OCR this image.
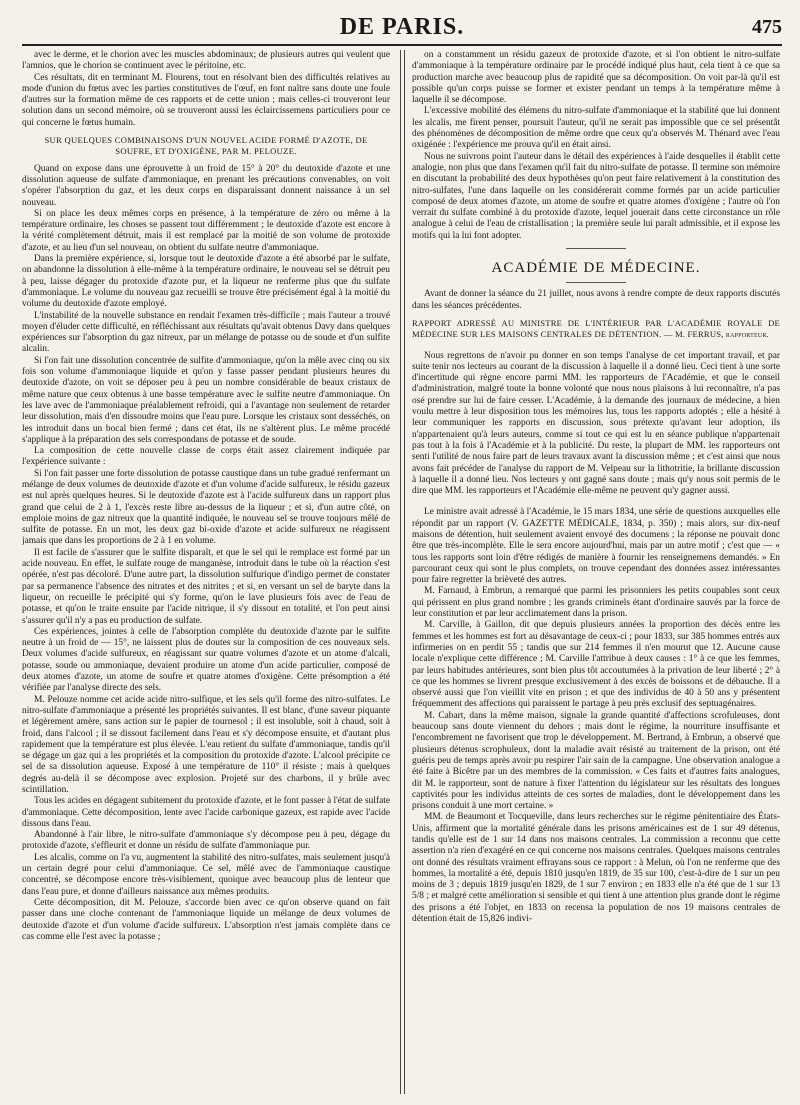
DE PARIS.	475

avec le derme, et le chorion avec les muscles abdominaux; de plusieurs autres qui veulent que l'amnios, que le chorion se continuent avec le péritoine, etc.

Ces résultats, dit en terminant M. Flourens, tout en résolvant bien des difficultés relatives au mode d'union du fœtus avec les parties constitutives de l'œuf, en font naître sans doute une foule d'autres sur la formation même de ces rapports et de cette union ; mais celles-ci trouveront leur solution dans un second mémoire, où se trouveront aussi les éclaircissemens particuliers pour ce qui concerne le fœtus humain.

SUR QUELQUES COMBINAISONS D'UN NOUVEL ACIDE FORMÉ D'AZOTE, DE SOUFRE, ET D'OXIGÈNE, PAR M. PELOUZE.

Quand on expose dans une éprouvette à un froid de 15° à 20° du deutoxide d'azote et une dissolution aqueuse de sulfate d'ammoniaque, en prenant les précautions convenables, on voit s'opérer l'absorption du gaz, et les deux corps en disparaissant donnent naissance à un sel nouveau.

Si on place les deux mêmes corps en présence, à la température de zéro ou même à la température ordinaire, les choses se passent tout différemment ; le deutoxide d'azote est encore à la vérité complètement détruit, mais il est remplacé par la moitié de son volume de protoxide d'azote, et au lieu d'un sel nouveau, on obtient du sulfate neutre d'ammoniaque.

Dans la première expérience, si, lorsque tout le deutoxide d'azote a été absorbé par le sulfate, on abandonne la dissolution à elle-même à la température ordinaire, le nouveau sel se détruit peu à peu, laisse dégager du protoxide d'azote pur, et la liqueur ne renferme plus que du sulfate d'ammoniaque. Le volume du nouveau gaz recueilli se trouve être précisément égal à la moitié du volume du deutoxide d'azote employé.

L'instabilité de la nouvelle substance en rendait l'examen très-difficile ; mais l'auteur a trouvé moyen d'éluder cette difficulté, en réfléchissant aux résultats qu'avait obtenus Davy dans quelques expériences sur l'absorption du gaz nitreux, par un mélange de potasse ou de soude et d'un sulfite alcalin.

Si l'on fait une dissolution concentrée de sulfite d'ammoniaque, qu'on la mêle avec cinq ou six fois son volume d'ammoniaque liquide et qu'on y fasse passer pendant plusieurs heures du deutoxide d'azote, on voit se déposer peu à peu un nombre considérable de beaux cristaux de même nature que ceux obtenus à une basse température avec le sulfite neutre d'ammoniaque. On les lave avec de l'ammoniaque préalablement refroidi, qui a l'avantage non seulement de retarder leur dissolution, mais d'en dissoudre moins que l'eau pure. Lorsque les cristaux sont desséchés, on les introduit dans un bocal bien fermé ; dans cet état, ils ne s'altèrent plus. Le même procédé s'applique à la préparation des sels correspondans de potasse et de soude.

La composition de cette nouvelle classe de corps était assez clairement indiquée par l'expérience suivante :

Si l'on fait passer une forte dissolution de potasse caustique dans un tube gradué renfermant un mélange de deux volumes de deutoxide d'azote et d'un volume d'acide sulfureux, le résidu gazeux est nul après quelques heures. Si le deutoxide d'azote est à l'acide sulfureux dans un rapport plus grand que celui de 2 à 1, l'excès reste libre au-dessus de la liqueur ; et si, d'un autre côté, on emploie moins de gaz nitreux que la quantité indiquée, le nouveau sel se trouve toujours mêlé de sulfite de potasse. En un mot, les deux gaz bi-oxide d'azote et acide sulfureux ne réagissent jamais que dans les proportions de 2 à 1 en volume.

Il est facile de s'assurer que le sulfite disparaît, et que le sel qui le remplace est formé par un acide nouveau. En effet, le sulfate rouge de manganèse, introduit dans le tube où la réaction s'est opérée, n'est pas décoloré. D'une autre part, la dissolution sulfurique d'indigo permet de constater par sa permanence l'absence des nitrates et des nitrites ; et si, en versant un sel de baryte dans la liqueur, on recueille le précipité qui s'y forme, qu'on le lave plusieurs fois avec de l'eau de potasse, et qu'on le traite ensuite par l'acide nitrique, il s'y dissout en totalité, et l'on peut ainsi s'assurer qu'il n'y a pas eu production de sulfate.

Ces expériences, jointes à celle de l'absorption complète du deutoxide d'azote par le sulfite neutre à un froid de — 15°, ne laissent plus de doutes sur la composition de ces nouveaux sels. Deux volumes d'acide sulfureux, en réagissant sur quatre volumes d'azote et un atome d'alcali, potasse, soude ou ammoniaque, devaient produire un atome d'un acide particulier, composé de deux atomes d'azote, un atome de soufre et quatre atomes d'oxigène. Cette présomption a été vérifiée par l'analyse directe des sels.

M. Pelouze nomme cet acide acide nitro-sulfique, et les sels qu'il forme des nitro-sulfates. Le nitro-sulfate d'ammoniaque a présenté les propriétés suivantes. Il est blanc, d'une saveur piquante et légèrement amère, sans action sur le papier de tournesol ; il est insoluble, soit à chaud, soit à froid, dans l'alcool ; il se dissout facilement dans l'eau et s'y décompose ensuite, et d'autant plus rapidement que la température est plus élevée. L'eau retient du sulfate d'ammoniaque, tandis qu'il se dégage un gaz qui a les propriétés et la composition du protoxide d'azote. L'alcool précipite ce sel de sa dissolution aqueuse. Exposé à une température de 110° il résiste ; mais à quelques degrés au-delà il se décompose avec explosion. Projeté sur des charbons, il y brûle avec scintillation.

Tous les acides en dégagent subitement du protoxide d'azote, et le font passer à l'état de sulfate d'ammoniaque. Cette décomposition, lente avec l'acide carbonique gazeux, est rapide avec l'acide dissous dans l'eau.

Abandonné à l'air libre, le nitro-sulfate d'ammoniaque s'y décompose peu à peu, dégage du protoxide d'azote, s'effleurit et donne un résidu de sulfate d'ammoniaque pur.

Les alcalis, comme on l'a vu, augmentent la stabilité des nitro-sulfates, mais seulement jusqu'à un certain degré pour celui d'ammoniaque. Ce sel, mêlé avec de l'ammoniaque caustique concentré, se décompose encore très-visiblement, quoique avec beaucoup plus de lenteur que dans l'eau pure, et donne d'ailleurs naissance aux mêmes produits.

Cette décomposition, dit M. Pelouze, s'accorde bien avec ce qu'on observe quand on fait passer dans une cloche contenant de l'ammoniaque liquide un mélange de deux volumes de deutoxide d'azote et d'un volume d'acide sulfureux. L'absorption n'est jamais complète dans ce cas comme elle l'est avec la potasse ;

on a constamment un résidu gazeux de protoxide d'azote, et si l'on obtient le nitro-sulfate d'ammoniaque à la température ordinaire par le procédé indiqué plus haut, cela tient à ce que sa production marche avec beaucoup plus de rapidité que sa décomposition. On voit par-là qu'il est possible qu'un corps puisse se former et exister pendant un temps à la température même à laquelle il se décompose.

L'excessive mobilité des élémens du nitro-sulfate d'ammoniaque et la stabilité que lui donnent les alcalis, me firent penser, poursuit l'auteur, qu'il ne serait pas impossible que ce sel présentât des phénomènes de décomposition de même ordre que ceux qu'a observés M. Thénard avec l'eau oxigénée : l'expérience me prouva qu'il en était ainsi.

Nous ne suivrons point l'auteur dans le détail des expériences à l'aide desquelles il établit cette analogie, non plus que dans l'examen qu'il fait du nitro-sulfate de potasse. Il termine son mémoire en discutant la probabilité des deux hypothèses qu'on peut faire relativement à la constitution des nitro-sulfates, l'une dans laquelle on les considérerait comme formés par un acide particulier composé de deux atomes d'azote, un atome de soufre et quatre atomes d'oxigène ; l'autre où l'on verrait du sulfate combiné à du protoxide d'azote, lequel jouerait dans cette circonstance un rôle analogue à celui de l'eau de cristallisation ; la première seule lui paraît admissible, et il expose les motifs qui la lui font adopter.

ACADÉMIE DE MÉDECINE.

Avant de donner la séance du 21 juillet, nous avons à rendre compte de deux rapports discutés dans les séances précédentes.

RAPPORT ADRESSÉ AU MINISTRE DE L'INTÉRIEUR PAR L'ACADÉMIE ROYALE DE MÉDECINE SUR LES MAISONS CENTRALES DE DÉTENTION. — M. FERRUS, rapporteur.

Nous regrettons de n'avoir pu donner en son temps l'analyse de cet important travail, et par suite tenir nos lecteurs au courant de la discussion à laquelle il a donné lieu. Ceci tient à une sorte d'incertitude qui règne encore parmi MM. les rapporteurs de l'Académie, et que le conseil d'administration, malgré toute la bonne volonté que nous nous plaisons à lui reconnaître, n'a pas osé prendre sur lui de faire cesser. L'Académie, à la demande des journaux de médecine, a bien voulu mettre à leur disposition tous les mémoires lus, tous les rapports adoptés ; elle a hésité à leur communiquer les rapports en discussion, sous prétexte qu'avant leur adoption, ils n'appartenaient qu'à leurs auteurs, comme si tout ce qui est lu en séance publique n'appartenait pas tout à la fois à l'Académie et à la publicité. Du reste, la plupart de MM. les rapporteurs ont senti l'utilité de nous faire part de leurs travaux avant la discussion même ; et c'est ainsi que nous avons fait précéder de l'analyse du rapport de M. Velpeau sur la lithotritie, la brillante discussion à laquelle il a donné lieu. Nos lecteurs y ont gagné sans doute ; mais qu'y nous soit permis de le dire que MM. les rapporteurs et l'Académie elle-même ne peuvent qu'y gagner aussi.

Le ministre avait adressé à l'Académie, le 15 mars 1834, une série de questions auxquelles elle répondit par un rapport (V. GAZETTE MÉDICALE, 1834, p. 350) ; mais alors, sur dix-neuf maisons de détention, huit seulement avaient envoyé des documens ; la réponse ne pouvait donc être que très-incomplète. Elle le sera encore aujourd'hui, mais par un autre motif ; c'est que — « tous les rapports sont loin d'être rédigés de manière à fournir les renseignemens demandés. » En parcourant ceux qui sont le plus complets, on trouve cependant des données assez intéressantes pour faire regretter la brièveté des autres.

M. Farnaud, à Embrun, a remarqué que parmi les prisonniers les petits coupables sont ceux qui périssent en plus grand nombre ; les grands criminels étant d'ordinaire sauvés par la force de leur constitution et par leur acclimatement dans la prison.

M. Carville, à Gaillon, dit que depuis plusieurs années la proportion des décès entre les femmes et les hommes est fort au désavantage de ceux-ci ; pour 1833, sur 385 hommes entrés aux infirmeries on en perdit 55 ; tandis que sur 214 femmes il n'en mourut que 12. Aucune cause locale n'explique cette différence ; M. Carville l'attribue à deux causes : 1° à ce que les femmes, par leurs habitudes antérieures, sont bien plus tôt accoutumées à la privation de leur liberté ; 2° à ce que les hommes se livrent presque exclusivement à des excès de boissons et de débauche. Il a observé aussi que l'on vieillit vite en prison ; et que des individus de 40 à 50 ans y présentent fréquemment des affections qui paraissent le partage à peu près exclusif des septuagénaires.

M. Cabart, dans la même maison, signale la grande quantité d'affections scrofuleuses, dont beaucoup sans doute viennent du dehors ; mais dont le régime, la nourriture insuffisante et l'encombrement ne favorisent que trop le développement. M. Bertrand, à Embrun, a observé que plusieurs détenus scrophuleux, dont la maladie avait résisté au traitement de la prison, ont été guéris peu de temps après avoir pu respirer l'air sain de la campagne. Une observation analogue a été faite à Bicêtre par un des membres de la commission. « Ces faits et d'autres faits analogues, dit M. le rapporteur, sont de nature à fixer l'attention du législateur sur les résultats des longues captivités pour les individus atteints de ces sortes de maladies, dont le développement dans les prisons conduit à une mort certaine. »

MM. de Beaumont et Tocqueville, dans leurs recherches sur le régime pénitentiaire des États-Unis, affirment que la mortalité générale dans les prisons américaines est de 1 sur 49 détenus, tandis qu'elle est de 1 sur 14 dans nos maisons centrales. La commission a reconnu que cette assertion n'a rien d'exagéré en ce qui concerne nos maisons centrales. Quelques maisons centrales ont donné des résultats vraiment effrayans sous ce rapport : à Melun, où l'on ne renferme que des hommes, la mortalité a été, depuis 1810 jusqu'en 1819, de 35 sur 100, c'est-à-dire de 1 sur un peu moins de 3 ; depuis 1819 jusqu'en 1829, de 1 sur 7 environ ; en 1833 elle n'a été que de 1 sur 13 5/8 ; et malgré cette amélioration si sensible et qui tient à une attention plus grande dont le régime des prisons a été l'objet, en 1833 on recensa la population de nos 19 maisons centrales de détention était de 15,826 indivi-
